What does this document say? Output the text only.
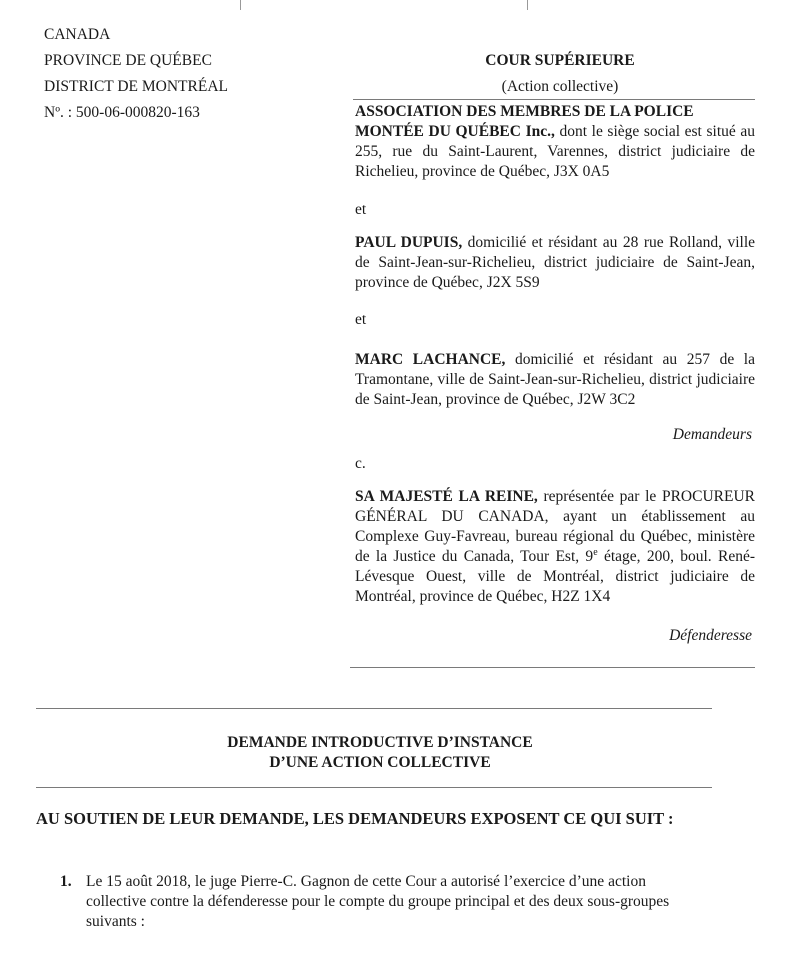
CANADA
PROVINCE DE QUÉBEC
DISTRICT DE MONTRÉAL
Nº. : 500-06-000820-163
COUR SUPÉRIEURE
(Action collective)

ASSOCIATION DES MEMBRES DE LA POLICE
MONTÉE DU QUÉBEC Inc., dont le siège social est situé au 255, rue du Saint-Laurent, Varennes, district judiciaire de Richelieu, province de Québec, J3X 0A5

et

PAUL DUPUIS, domicilié et résidant au 28 rue Rolland, ville de Saint-Jean-sur-Richelieu, district judiciaire de Saint-Jean, province de Québec, J2X 5S9

et

MARC LACHANCE, domicilié et résidant au 257 de la Tramontane, ville de Saint-Jean-sur-Richelieu, district judiciaire de Saint-Jean, province de Québec, J2W 3C2

Demandeurs
c.

SA MAJESTÉ LA REINE, représentée par le PROCUREUR GÉNÉRAL DU CANADA, ayant un établissement au Complexe Guy-Favreau, bureau régional du Québec, ministère de la Justice du Canada, Tour Est, 9e étage, 200, boul. René-Lévesque Ouest, ville de Montréal, district judiciaire de Montréal, province de Québec, H2Z 1X4

Défenderesse
DEMANDE INTRODUCTIVE D’INSTANCE
D’UNE ACTION COLLECTIVE
AU SOUTIEN DE LEUR DEMANDE, LES DEMANDEURS EXPOSENT CE QUI SUIT :
1. Le 15 août 2018, le juge Pierre-C. Gagnon de cette Cour a autorisé l’exercice d’une action collective contre la défenderesse pour le compte du groupe principal et des deux sous-groupes suivants :
